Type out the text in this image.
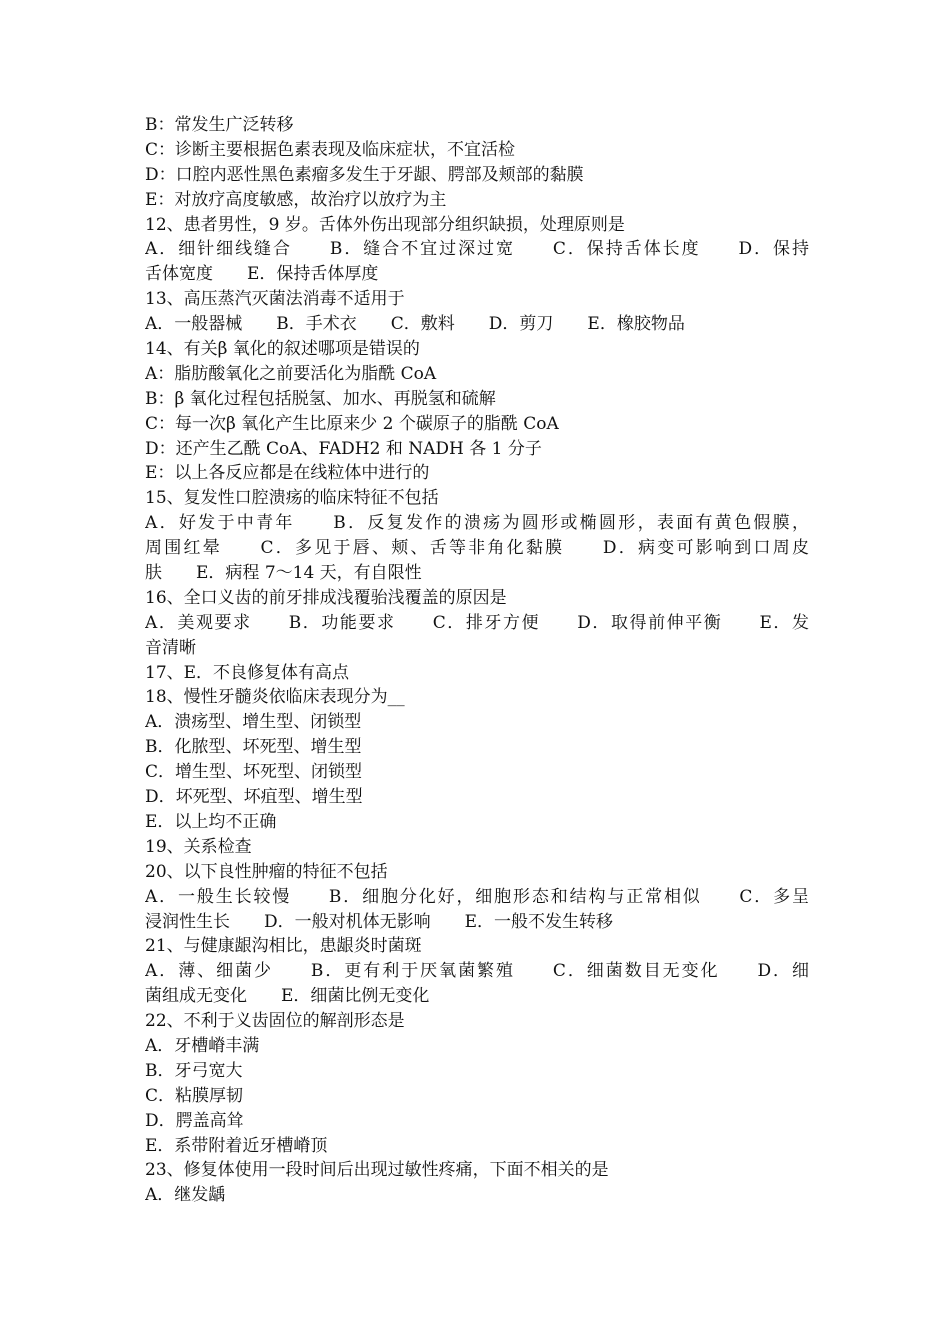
B：常发生广泛转移
C：诊断主要根据色素表现及临床症状，不宜活检
D：口腔内恶性黑色素瘤多发生于牙龈、腭部及颊部的黏膜
E：对放疗高度敏感，故治疗以放疗为主
12、患者男性，9 岁。舌体外伤出现部分组织缺损，处理原则是
A．细针细线缝合　　B．缝合不宜过深过宽　　C．保持舌体长度　　D．保持
舌体宽度　　E．保持舌体厚度
13、高压蒸汽灭菌法消毒不适用于
A．一般器械　　B．手术衣　　C．敷料　　D．剪刀　　E．橡胶物品
14、有关β 氧化的叙述哪项是错误的
A：脂肪酸氧化之前要活化为脂酰 CoA
B：β 氧化过程包括脱氢、加水、再脱氢和硫解
C：每一次β 氧化产生比原来少 2 个碳原子的脂酰 CoA
D：还产生乙酰 CoA、FADH2 和 NADH 各 1 分子
E：以上各反应都是在线粒体中进行的
15、复发性口腔溃疡的临床特征不包括
A．好发于中青年　　B．反复发作的溃疡为圆形或椭圆形，表面有黄色假膜，
周围红晕　　C．多见于唇、颊、舌等非角化黏膜　　D．病变可影响到口周皮
肤　　E．病程 7～14 天，有自限性
16、全口义齿的前牙排成浅覆骀浅覆盖的原因是
A．美观要求　　B．功能要求　　C．排牙方便　　D．取得前伸平衡　　E．发
音清晰
17、E．不良修复体有高点
18、慢性牙髓炎依临床表现分为__
A．溃疡型、增生型、闭锁型
B．化脓型、坏死型、增生型
C．增生型、坏死型、闭锁型
D．坏死型、坏疽型、增生型
E．以上均不正确
19、关系检查
20、以下良性肿瘤的特征不包括
A．一般生长较慢　　B．细胞分化好，细胞形态和结构与正常相似　　C．多呈
浸润性生长　　D．一般对机体无影响　　E．一般不发生转移
21、与健康龈沟相比，患龈炎时菌斑
A．薄、细菌少　　B．更有利于厌氧菌繁殖　　C．细菌数目无变化　　D．细
菌组成无变化　　E．细菌比例无变化
22、不利于义齿固位的解剖形态是
A．牙槽嵴丰满
B．牙弓宽大
C．粘膜厚韧
D．腭盖高耸
E．系带附着近牙槽嵴顶
23、修复体使用一段时间后出现过敏性疼痛，下面不相关的是
A．继发龋
